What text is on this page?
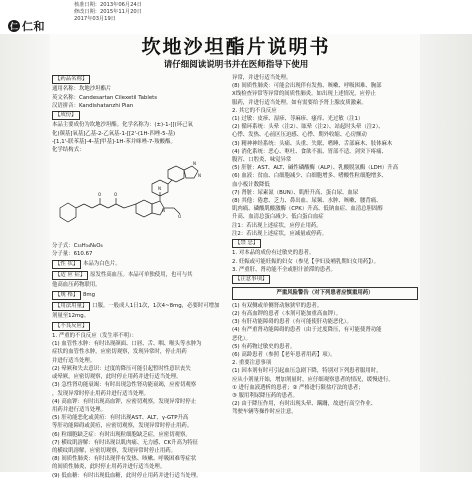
核准日期：2013年06月24日
修改日期：2015年11月20日
2017年03月19日
仁 仁和
坎地沙坦酯片说明书
请仔细阅读说明书并在医师指导下使用
【药品名称】
通用名称：坎地沙坦酯片
英文名称：Candesartan Cilexetil Tablets
汉语拼音：Kandishatanzhi Pian
【成份】
本品主要成份为坎地沙坦酯。化学名称为：(±)-1-[[(环己氧
化)羰基]氧基]乙基-2-乙氧基-1-[[2'-(1H-四唑-5-基)
-[1,1'-联苯基]-4-基]甲基]-1H-苯并咪唑-7-羧酸酯。
化学结构式：
O	O
N
N
O
N
N
分子式：C₃₃H₃₄N₆O₆
分子量：610.67
【性 状】 本品为白色片。
【适 应 症】 原发性高血压。本品可单独使用，也可与其
他高血压药物联用。
【规 格】 8mg
【用法用量】 口服。一般成人1日1次，1次4~8mg，必要时可增加
剂量至12mg。
【不良反应】
1. 严重的不良反应（发生率不明）：
(1) 血管性水肿：有时出现颜面、口唇、舌、咽、喉头等水肿为
症状的血管性水肿，应密切观察，发现异常时，停止用药
并进行适当处理。
(2) 晕厥和失去意识：过度的降压可能引起暂时性意识丧失
或晕厥，应密切观察，此时停止用药并进行适当处理。
(3) 急性肾功能衰竭：有时出现急性肾功能衰竭，应密切观察
，发现异常时停止用药并进行适当处理。
(4) 高血钾：有时出现高血钾，应密切观察，发现异常时停止
用药并进行适当处理。
(5) 肝功能恶化或黄疸：有时出现AST、ALT、γ-GTP升高
等肝功能障碍或黄疸，应密切观察，发现异常时停止用药。
(6) 粒细胞缺乏症：有时出现粒细胞缺乏症，应密切观察。
(7) 横纹肌溶解：有时出现以肌肉痛、无力感、CK升高为特征
的横纹肌溶解，应密切观察，发现异常时停止用药。
(8) 间质性肺炎：有时出现伴有发热、咳嗽、呼吸困难等症状
的间质性肺炎，此时停止用药并进行适当处理。
(9) 低血糖：有时出现低血糖，此时停止用药并进行适当处理。
异常，并进行适当处理。
(8) 间质性肺炎：可能会出现伴有发热、咳嗽、呼吸困难、胸部
X线检查异常等异常的间质性肺炎。如出现上述情况，应停止
服药，并进行适当处理。如有需要给予肾上腺皮质激素。
2. 其它的不良反应
(1) 过敏：皮疹、湿疹、荨麻疹、瘙痒、光过敏（注1）
(2) 循环系统：头晕（注2）、眩晕（注2）、站起时头晕（注2）、
心悸、发热、心前区压迫感、心悸、期外收缩、心房颤动
(3) 精神神经系统：头痛、头重、失眠、嗜睡、舌部麻木、肢体麻木
(4) 消化系统：恶心、呕吐、食欲不振、胃部不适、剑突下疼痛、
腹泻、口腔炎、味觉异常
(5) 肝脏：AST、ALT、碱性磷酸酶（ALP）、乳酸脱氢酶（LDH）升高
(6) 血液：贫血、白细胞减少、白细胞增多、嗜酸性粒细胞增多、
血小板计数降低
(7) 肾脏：尿素氮（BUN）、肌酐升高、蛋白尿、血尿
(8) 其他：倦怠、乏力、鼻出血、尿频、水肿、咳嗽、腰背痛、
肌肉痛、磷酸肌酸激酶（CPK）升高、低钠血症、血清总胆固醇
升高、血清总蛋白减少、低白蛋白血症
注1：若出现上述症状，应停止用药。
注2：若出现上述症状，应减量或停药。
【禁 忌】
1. 对本品的成份有过敏史的患者。
2. 妊娠或可能妊娠的妇女（参见【孕妇及哺乳期妇女用药】）。
3. 严重肝、肾功能不全或胆汁淤滞的患者。
【注意事项】
严重风险警告（对下列患者应慎重用药）
(1) 有双侧或单侧肾动脉狭窄的患者。
(2) 有高血钾的患者（本剂可能加重高血钾）。
(3) 有肝功能障碍的患者（有可能使肝功能恶化）。
(4) 有严重肾功能障碍的患者（由于过度降压，有可能使肾功能
恶化）。
(5) 有药物过敏史的患者。
(6) 高龄患者（参照【老年患者用药】项）。
2. 重要注意事项
(1) 因本剂有时可引起血压急剧下降，特别对下列患者服用时，
应从小剂量开始，增加剂量时，应仔细观察患者的情况，缓慢进行。
① 进行血液透析的患者；② 严格进行限盐疗法的患者；
③ 服用利尿降压药的患者。
(2) 由于降压作用，有时出现头晕、蹒跚，故进行高空作业、
驾驶车辆等操作时应注意。
